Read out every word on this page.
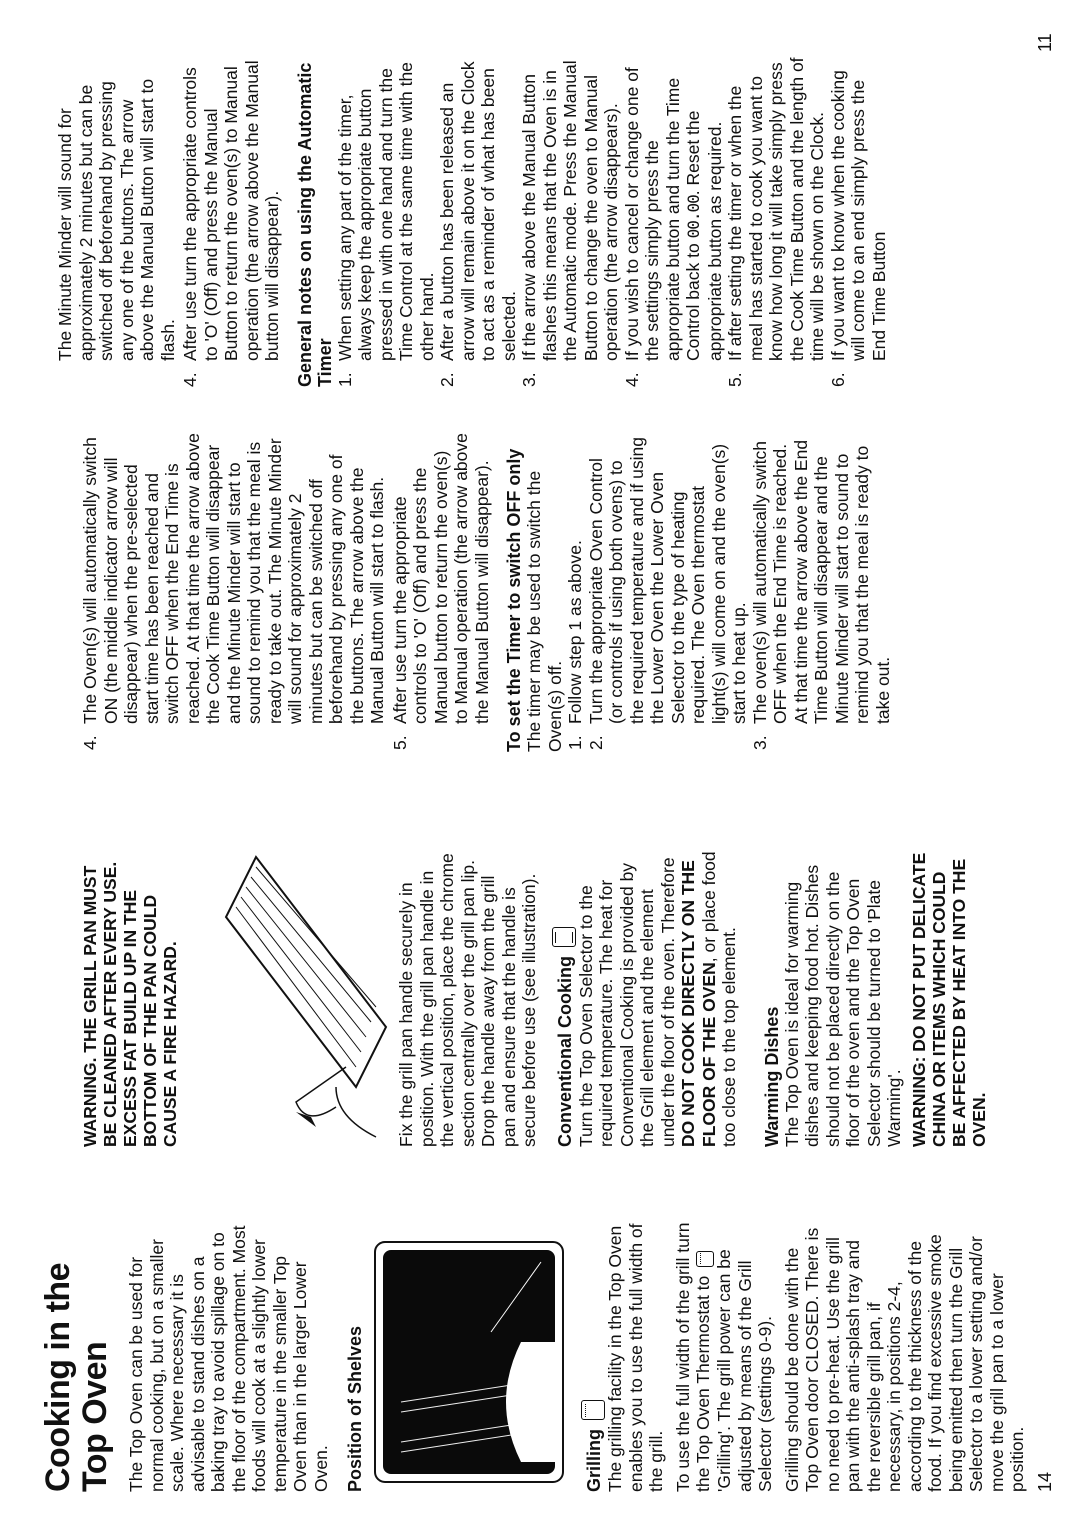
Cooking in the Top Oven The Top Oven can be used for normal cooking, but on a smaller scale. Where necessary it is advisable to stand dishes on a baking tray to avoid spillage on to the floor of the compartment. Most foods will cook at a slightly lower temperature in the smaller Top Oven than in the larger Lower Oven. Position of Shelves	Grilling The grilling facility in the Top Oven enables you to use the full width of the grill. To use the full width of the grill turn the Top Oven Thermostat to  'Grilling'. The grill power can be adjusted by means of the Grill Selector (settings 0-9). Grilling should be done with the Top Oven door CLOSED. There is no need to pre-heat. Use the grill pan with the anti-splash tray and the reversible grill pan, if necessary, in positions 2-4, according to the thickness of the food. If you find excessive smoke being emitted then turn the Grill Selector to a lower setting and/or move the grill pan to a lower position. 14
WARNING. THE GRILL PAN MUST BE CLEANED AFTER EVERY USE. EXCESS FAT BUILD UP IN THE BOTTOM OF THE PAN COULD CAUSE A FIRE HAZARD.	Fix the grill pan handle securely in position. With the grill pan handle in the vertical position, place the chrome section centrally over the grill pan lip. Drop the handle away from the grill pan and ensure that the handle is secure before use (see illustration). Conventional Cooking Turn the Top Oven Selector to the required temperature. The heat for Conventional Cooking is provided by the Grill element and the element under the floor of the oven. Therefore DO NOT COOK DIRECTLY ON THE FLOOR OF THE OVEN, or place food too close to the top element. Warming Dishes The Top Oven is ideal for warming dishes and keeping food hot. Dishes should not be placed directly on the floor of the oven and the Top Oven Selector should be turned to 'Plate Warming'. WARNING: DO NOT PUT DELICATE CHINA OR ITEMS WHICH COULD BE AFFECTED BY HEAT INTO THE OVEN.
4.
The Oven(s) will automatically switch ON (the middle indicator arrow will disappear) when the pre-selected start time has been reached and switch OFF when the End Time is reached. At that time the arrow above the Cook Time Button will disappear and the Minute Minder will start to sound to remind you that the meal is ready to take out. The Minute Minder will sound for approximately 2 minutes but can be switched off beforehand by pressing any one of the buttons. The arrow above the Manual Button will start to flash.
5.
After use turn the appropriate controls to 'O' (Off) and press the Manual button to return the oven(s) to Manual operation (the arrow above the Manual Button will disappear). To set the Timer to switch OFF only The timer may be used to switch the Oven(s) off. 1.
Follow step 1 as above.
2.
Turn the appropriate Oven Control (or controls if using both ovens) to the required temperature and if using the Lower Oven the Lower Oven Selector to the type of heating required. The Oven thermostat light(s) will come on and the oven(s) start to heat up.
3.
The oven(s) will automatically switch OFF when the End Time is reached. At that time the arrow above the End Time Button will disappear and the Minute Minder will start to sound to remind you that the meal is ready to take out.

The Minute Minder will sound for approximately 2 minutes but can be switched off beforehand by pressing any one of the buttons. The arrow above the Manual Button will start to flash.

4.
After use turn the appropriate controls to 'O' (Off) and press the Manual Button to return the oven(s) to Manual operation (the arrow above the Manual button will disappear). General notes on using the Automatic Timer 1.
When setting any part of the timer, always keep the appropriate button pressed in with one hand and turn the Time Control at the same time with the other hand.
2.
After a button has been released an arrow will remain above it on the Clock to act as a reminder of what has been selected.
3.
If the arrow above the Manual Button flashes this means that the Oven is in the Automatic mode. Press the Manual Button to change the oven to Manual operation (the arrow disappears).
4.
If you wish to cancel or change one of the settings simply press the appropriate button and turn the Time Control back to 00.00. Reset the appropriate button as required.
5.
If after setting the timer or when the meal has started to cook you want to know how long it will take simply press the Cook Time Button and the length of time will be shown on the Clock.
6.
If you want to know when the cooking will come to an end simply press the End Time Button
11
